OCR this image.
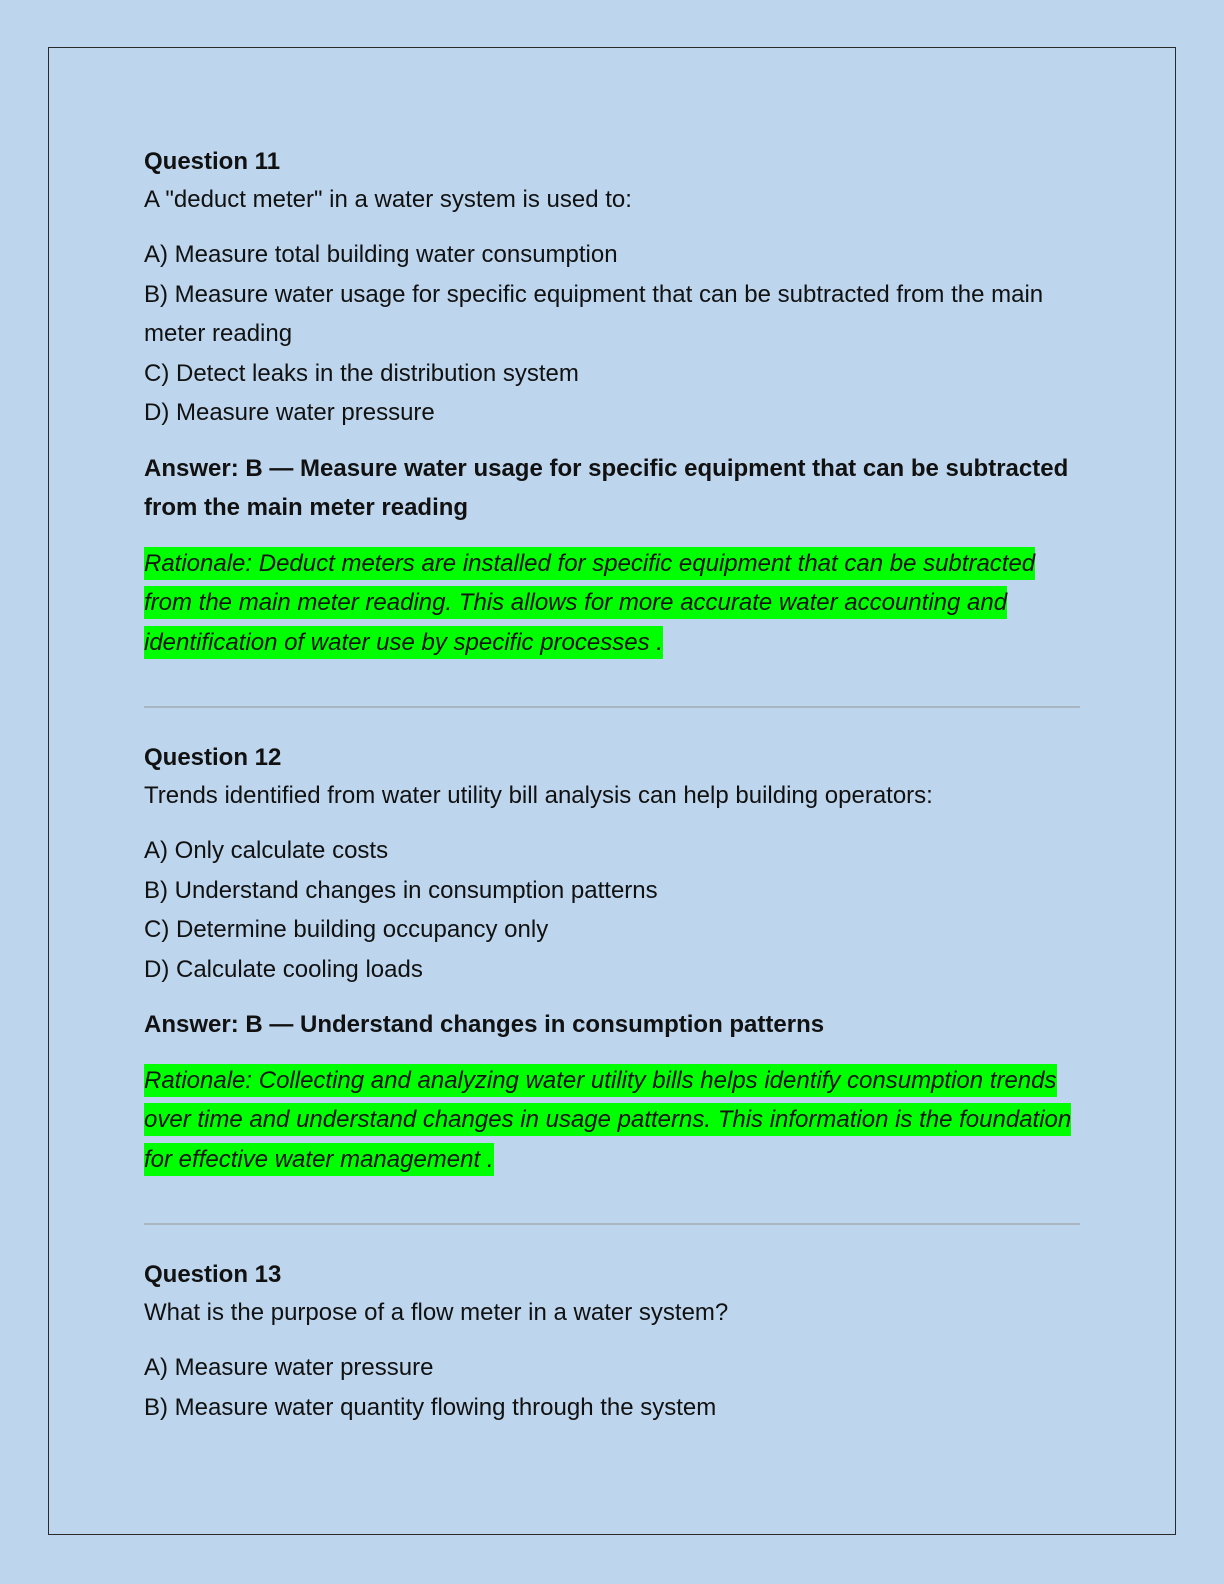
Question 11

A "deduct meter" in a water system is used to:

A) Measure total building water consumption
B) Measure water usage for specific equipment that can be subtracted from the main meter reading
C) Detect leaks in the distribution system
D) Measure water pressure

Answer: B — Measure water usage for specific equipment that can be subtracted from the main meter reading

Rationale: Deduct meters are installed for specific equipment that can be subtracted from the main meter reading. This allows for more accurate water accounting and identification of water use by specific processes .

Question 12

Trends identified from water utility bill analysis can help building operators:

A) Only calculate costs
B) Understand changes in consumption patterns
C) Determine building occupancy only
D) Calculate cooling loads

Answer: B — Understand changes in consumption patterns

Rationale: Collecting and analyzing water utility bills helps identify consumption trends over time and understand changes in usage patterns. This information is the foundation for effective water management .

Question 13

What is the purpose of a flow meter in a water system?

A) Measure water pressure
B) Measure water quantity flowing through the system
